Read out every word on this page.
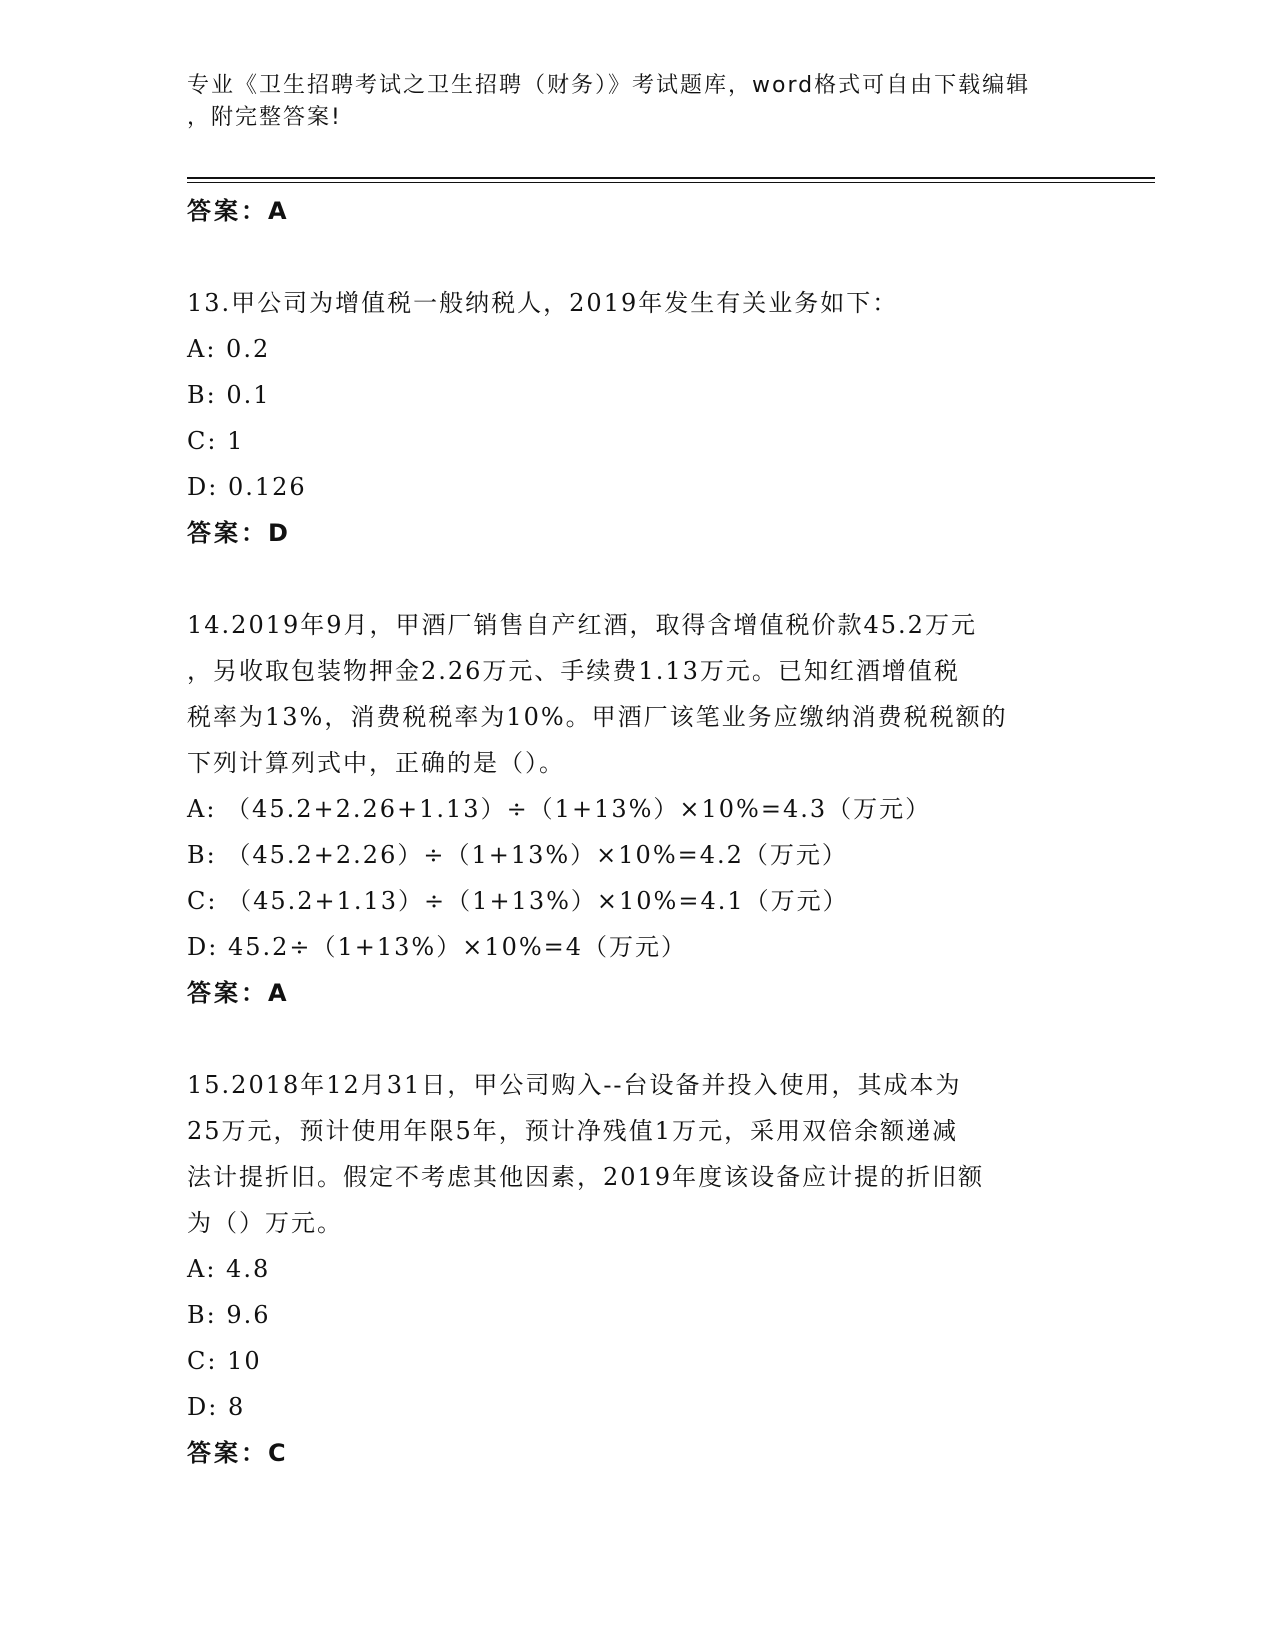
专业《卫生招聘考试之卫生招聘（财务）》考试题库，word格式可自由下载编辑
，附完整答案!
答案：A
13.甲公司为增值税一般纳税人，2019年发生有关业务如下：
A: 0.2
B: 0.1
C: 1
D: 0.126
答案：D
14.2019年9月，甲酒厂销售自产红酒，取得含增值税价款45.2万元
，另收取包装物押金2.26万元、手续费1.13万元。已知红酒增值税
税率为13%，消费税税率为10%。甲酒厂该笔业务应缴纳消费税税额的
下列计算列式中，正确的是（）。
A: （45.2+2.26+1.13）÷（1+13%）×10%=4.3（万元）
B: （45.2+2.26）÷（1+13%）×10%=4.2（万元）
C: （45.2+1.13）÷（1+13%）×10%=4.1（万元）
D: 45.2÷（1+13%）×10%=4（万元）
答案：A
15.2018年12月31日，甲公司购入--台设备并投入使用，其成本为
25万元，预计使用年限5年，预计净残值1万元，采用双倍余额递减
法计提折旧。假定不考虑其他因素，2019年度该设备应计提的折旧额
为（）万元。
A: 4.8
B: 9.6
C: 10
D: 8
答案：C
